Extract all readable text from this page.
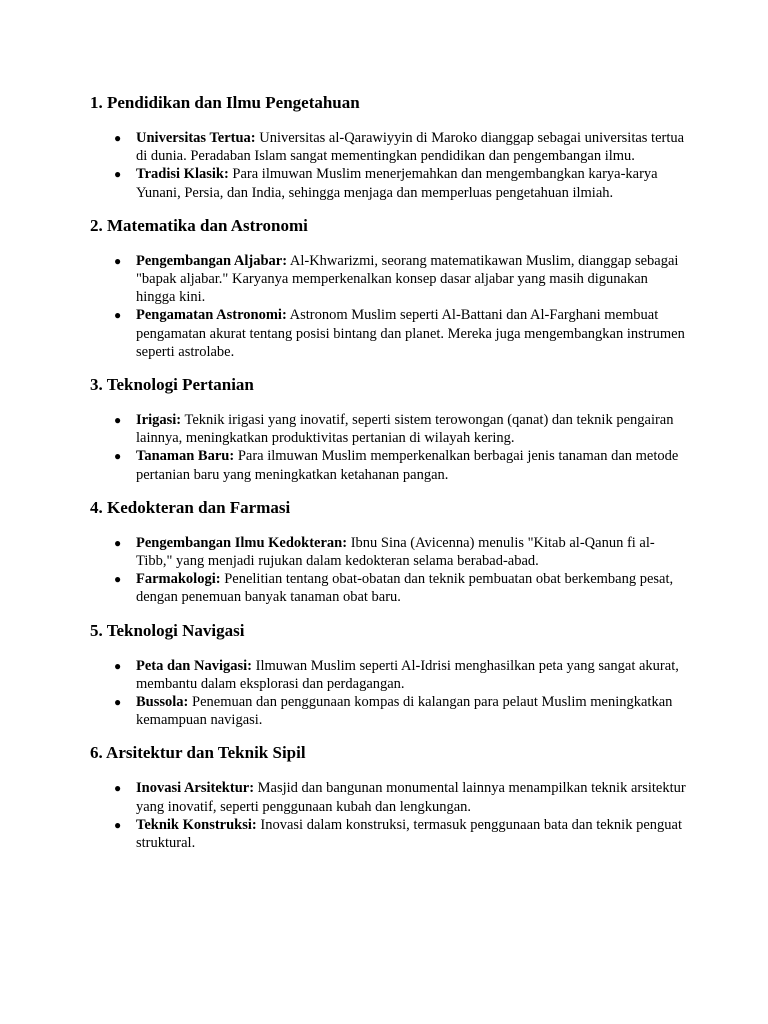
1. Pendidikan dan Ilmu Pengetahuan
● Universitas Tertua: Universitas al-Qarawiyyin di Maroko dianggap sebagai universitas tertua di dunia. Peradaban Islam sangat mementingkan pendidikan dan pengembangan ilmu.
● Tradisi Klasik: Para ilmuwan Muslim menerjemahkan dan mengembangkan karya-karya Yunani, Persia, dan India, sehingga menjaga dan memperluas pengetahuan ilmiah.
2. Matematika dan Astronomi
● Pengembangan Aljabar: Al-Khwarizmi, seorang matematikawan Muslim, dianggap sebagai "bapak aljabar." Karyanya memperkenalkan konsep dasar aljabar yang masih digunakan hingga kini.
● Pengamatan Astronomi: Astronom Muslim seperti Al-Battani dan Al-Farghani membuat pengamatan akurat tentang posisi bintang dan planet. Mereka juga mengembangkan instrumen seperti astrolabe.
3. Teknologi Pertanian
● Irigasi: Teknik irigasi yang inovatif, seperti sistem terowongan (qanat) dan teknik pengairan lainnya, meningkatkan produktivitas pertanian di wilayah kering.
● Tanaman Baru: Para ilmuwan Muslim memperkenalkan berbagai jenis tanaman dan metode pertanian baru yang meningkatkan ketahanan pangan.
4. Kedokteran dan Farmasi
● Pengembangan Ilmu Kedokteran: Ibnu Sina (Avicenna) menulis "Kitab al-Qanun fi al-Tibb," yang menjadi rujukan dalam kedokteran selama berabad-abad.
● Farmakologi: Penelitian tentang obat-obatan dan teknik pembuatan obat berkembang pesat, dengan penemuan banyak tanaman obat baru.
5. Teknologi Navigasi
● Peta dan Navigasi: Ilmuwan Muslim seperti Al-Idrisi menghasilkan peta yang sangat akurat, membantu dalam eksplorasi dan perdagangan.
● Bussola: Penemuan dan penggunaan kompas di kalangan para pelaut Muslim meningkatkan kemampuan navigasi.
6. Arsitektur dan Teknik Sipil
● Inovasi Arsitektur: Masjid dan bangunan monumental lainnya menampilkan teknik arsitektur yang inovatif, seperti penggunaan kubah dan lengkungan.
● Teknik Konstruksi: Inovasi dalam konstruksi, termasuk penggunaan bata dan teknik penguat struktural.
